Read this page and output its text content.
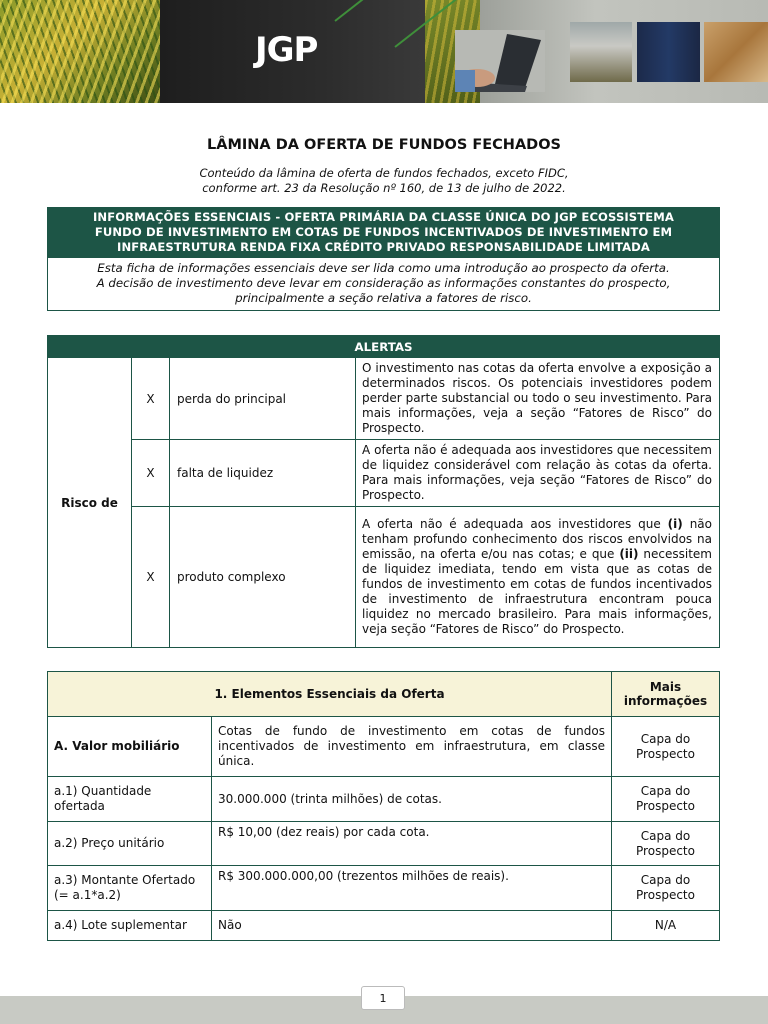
JGP
LÂMINA DA OFERTA DE FUNDOS FECHADOS
Conteúdo da lâmina de oferta de fundos fechados, exceto FIDC,
conforme art. 23 da Resolução nº 160, de 13 de julho de 2022.
INFORMAÇÕES ESSENCIAIS - OFERTA PRIMÁRIA DA CLASSE ÚNICA DO JGP ECOSSISTEMA
FUNDO DE INVESTIMENTO EM COTAS DE FUNDOS INCENTIVADOS DE INVESTIMENTO EM
INFRAESTRUTURA RENDA FIXA CRÉDITO PRIVADO RESPONSABILIDADE LIMITADA
Esta ficha de informações essenciais deve ser lida como uma introdução ao prospecto da oferta.
A decisão de investimento deve levar em consideração as informações constantes do prospecto,
principalmente a seção relativa a fatores de risco.
ALERTAS			
Risco de	X	perda do principal	O investimento nas cotas da oferta envolve a exposição a determinados riscos. Os potenciais investidores podem perder parte substancial ou todo o seu investimento. Para mais informações, veja a seção “Fatores de Risco” do Prospecto.
	X	falta de liquidez	A oferta não é adequada aos investidores que necessitem de liquidez considerável com relação às cotas da oferta. Para mais informações, veja seção “Fatores de Risco” do Prospecto.
	X	produto complexo	A oferta não é adequada aos investidores que (i) não tenham profundo conhecimento dos riscos envolvidos na emissão, na oferta e/ou nas cotas; e que (ii) necessitem de liquidez imediata, tendo em vista que as cotas de fundos de investimento em cotas de fundos incentivados de investimento de infraestrutura encontram pouca liquidez no mercado brasileiro. Para mais informações, veja seção “Fatores de Risco” do Prospecto.
1. Elementos Essenciais da Oferta		Mais informações
A. Valor mobiliário	Cotas de fundo de investimento em cotas de fundos incentivados de investimento em infraestrutura, em classe única.	Capa do Prospecto
a.1) Quantidade ofertada	30.000.000 (trinta milhões) de cotas.	Capa do Prospecto
a.2) Preço unitário	R$ 10,00 (dez reais) por cada cota.	Capa do Prospecto
a.3) Montante Ofertado (= a.1*a.2)	R$ 300.000.000,00 (trezentos milhões de reais).	Capa do Prospecto
a.4) Lote suplementar	Não	N/A
1
